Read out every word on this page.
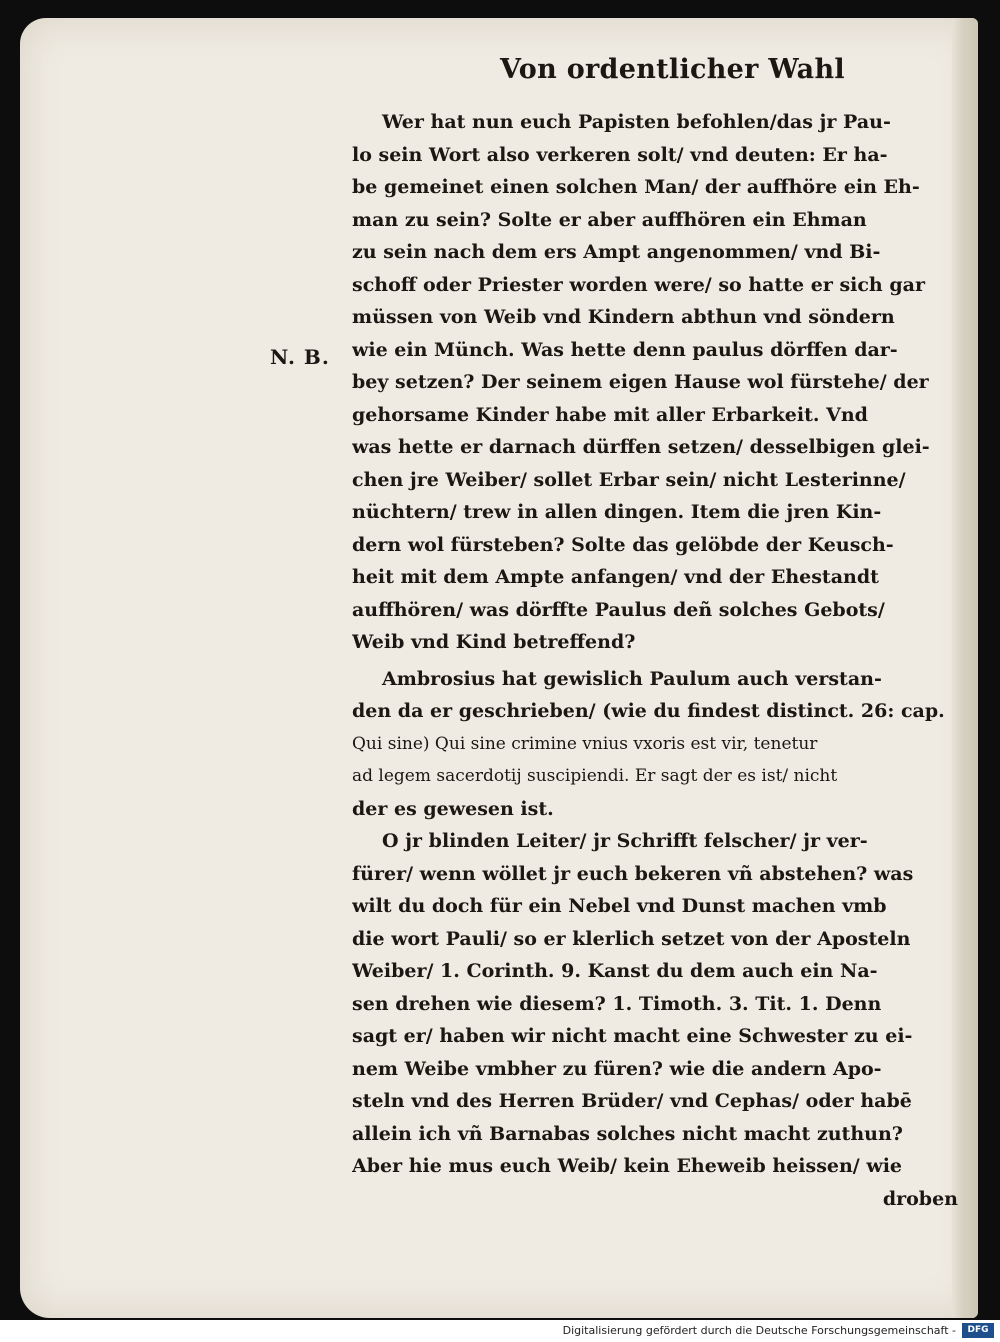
Von ordentlicher Wahl
N. B.
Wer hat nun euch Papisten befohlen/das jr Pau-
lo sein Wort also verkeren solt/ vnd deuten: Er ha-
be gemeinet einen solchen Man/ der auffhöre ein Eh-
man zu sein? Solte er aber auffhören ein Ehman
zu sein nach dem ers Ampt angenommen/ vnd Bi-
schoff oder Priester worden were/ so hatte er sich gar
müssen von Weib vnd Kindern abthun vnd söndern
wie ein Münch. Was hette denn paulus dörffen dar-
bey setzen? Der seinem eigen Hause wol fürstehe/ der
gehorsame Kinder habe mit aller Erbarkeit. Vnd
was hette er darnach dürffen setzen/ desselbigen glei-
chen jre Weiber/ sollet Erbar sein/ nicht Lesterinne/
nüchtern/ trew in allen dingen. Item die jren Kin-
dern wol fürsteben? Solte das gelöbde der Keusch-
heit mit dem Ampte anfangen/ vnd der Ehestandt
auffhören/ was dörffte Paulus deñ solches Gebots/
Weib vnd Kind betreffend?
Ambrosius hat gewislich Paulum auch verstan-
den da er geschrieben/ (wie du findest distinct. 26: cap.
Qui sine) Qui sine crimine vnius vxoris est vir, tenetur
ad legem sacerdotij suscipiendi. Er sagt der es ist/ nicht
der es gewesen ist.
O jr blinden Leiter/ jr Schrifft felscher/ jr ver-
fürer/ wenn wöllet jr euch bekeren vñ abstehen? was
wilt du doch für ein Nebel vnd Dunst machen vmb
die wort Pauli/ so er klerlich setzet von der Aposteln
Weiber/ 1. Corinth. 9. Kanst du dem auch ein Na-
sen drehen wie diesem? 1. Timoth. 3. Tit. 1. Denn
sagt er/ haben wir nicht macht eine Schwester zu ei-
nem Weibe vmbher zu füren? wie die andern Apo-
steln vnd des Herren Brüder/ vnd Cephas/ oder habē
allein ich vñ Barnabas solches nicht macht zuthun?
Aber hie mus euch Weib/ kein Eheweib heissen/ wie
droben
Digitalisierung gefördert durch die Deutsche Forschungsgemeinschaft -	DFG
